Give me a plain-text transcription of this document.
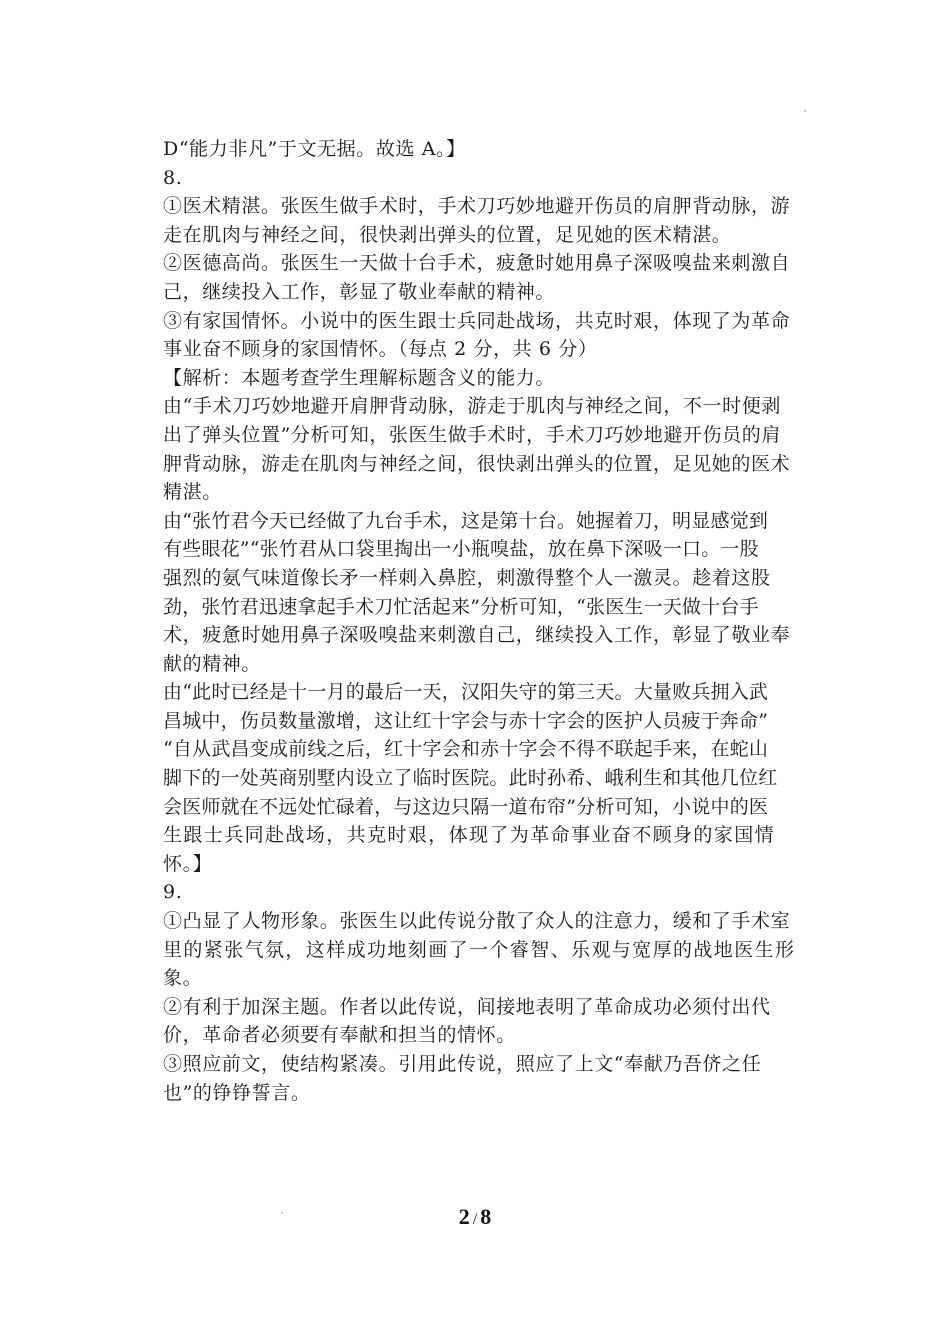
D“能力非凡”于文无据。故选 A。】
8.
①医术精湛。张医生做手术时，手术刀巧妙地避开伤员的肩胛背动脉，游
走在肌肉与神经之间，很快剥出弹头的位置，足见她的医术精湛。
②医德高尚。张医生一天做十台手术，疲惫时她用鼻子深吸嗅盐来刺激自
己，继续投入工作，彰显了敬业奉献的精神。
③有家国情怀。小说中的医生跟士兵同赴战场，共克时艰，体现了为革命
事业奋不顾身的家国情怀。（每点 2 分，共 6 分）
【解析：本题考查学生理解标题含义的能力。
由“手术刀巧妙地避开肩胛背动脉，游走于肌肉与神经之间，不一时便剥
出了弹头位置”分析可知，张医生做手术时，手术刀巧妙地避开伤员的肩
胛背动脉，游走在肌肉与神经之间，很快剥出弹头的位置，足见她的医术
精湛。
由“张竹君今天已经做了九台手术，这是第十台。她握着刀，明显感觉到
有些眼花”“张竹君从口袋里掏出一小瓶嗅盐，放在鼻下深吸一口。一股
强烈的氨气味道像长矛一样刺入鼻腔，刺激得整个人一激灵。趁着这股
劲，张竹君迅速拿起手术刀忙活起来”分析可知，“张医生一天做十台手
术，疲惫时她用鼻子深吸嗅盐来刺激自己，继续投入工作，彰显了敬业奉
献的精神。
由“此时已经是十一月的最后一天，汉阳失守的第三天。大量败兵拥入武
昌城中，伤员数量激增，这让红十字会与赤十字会的医护人员疲于奔命”
“自从武昌变成前线之后，红十字会和赤十字会不得不联起手来，在蛇山
脚下的一处英商别墅内设立了临时医院。此时孙希、峨利生和其他几位红
会医师就在不远处忙碌着，与这边只隔一道布帘”分析可知，小说中的医
生跟士兵同赴战场，共克时艰，体现了为革命事业奋不顾身的家国情
怀。】
9.
①凸显了人物形象。张医生以此传说分散了众人的注意力，缓和了手术室
里的紧张气氛，这样成功地刻画了一个睿智、乐观与宽厚的战地医生形
象。
②有利于加深主题。作者以此传说，间接地表明了革命成功必须付出代
价，革命者必须要有奉献和担当的情怀。
③照应前文，使结构紧凑。引用此传说，照应了上文“奉献乃吾侪之任
也”的铮铮誓言。
2 / 8
